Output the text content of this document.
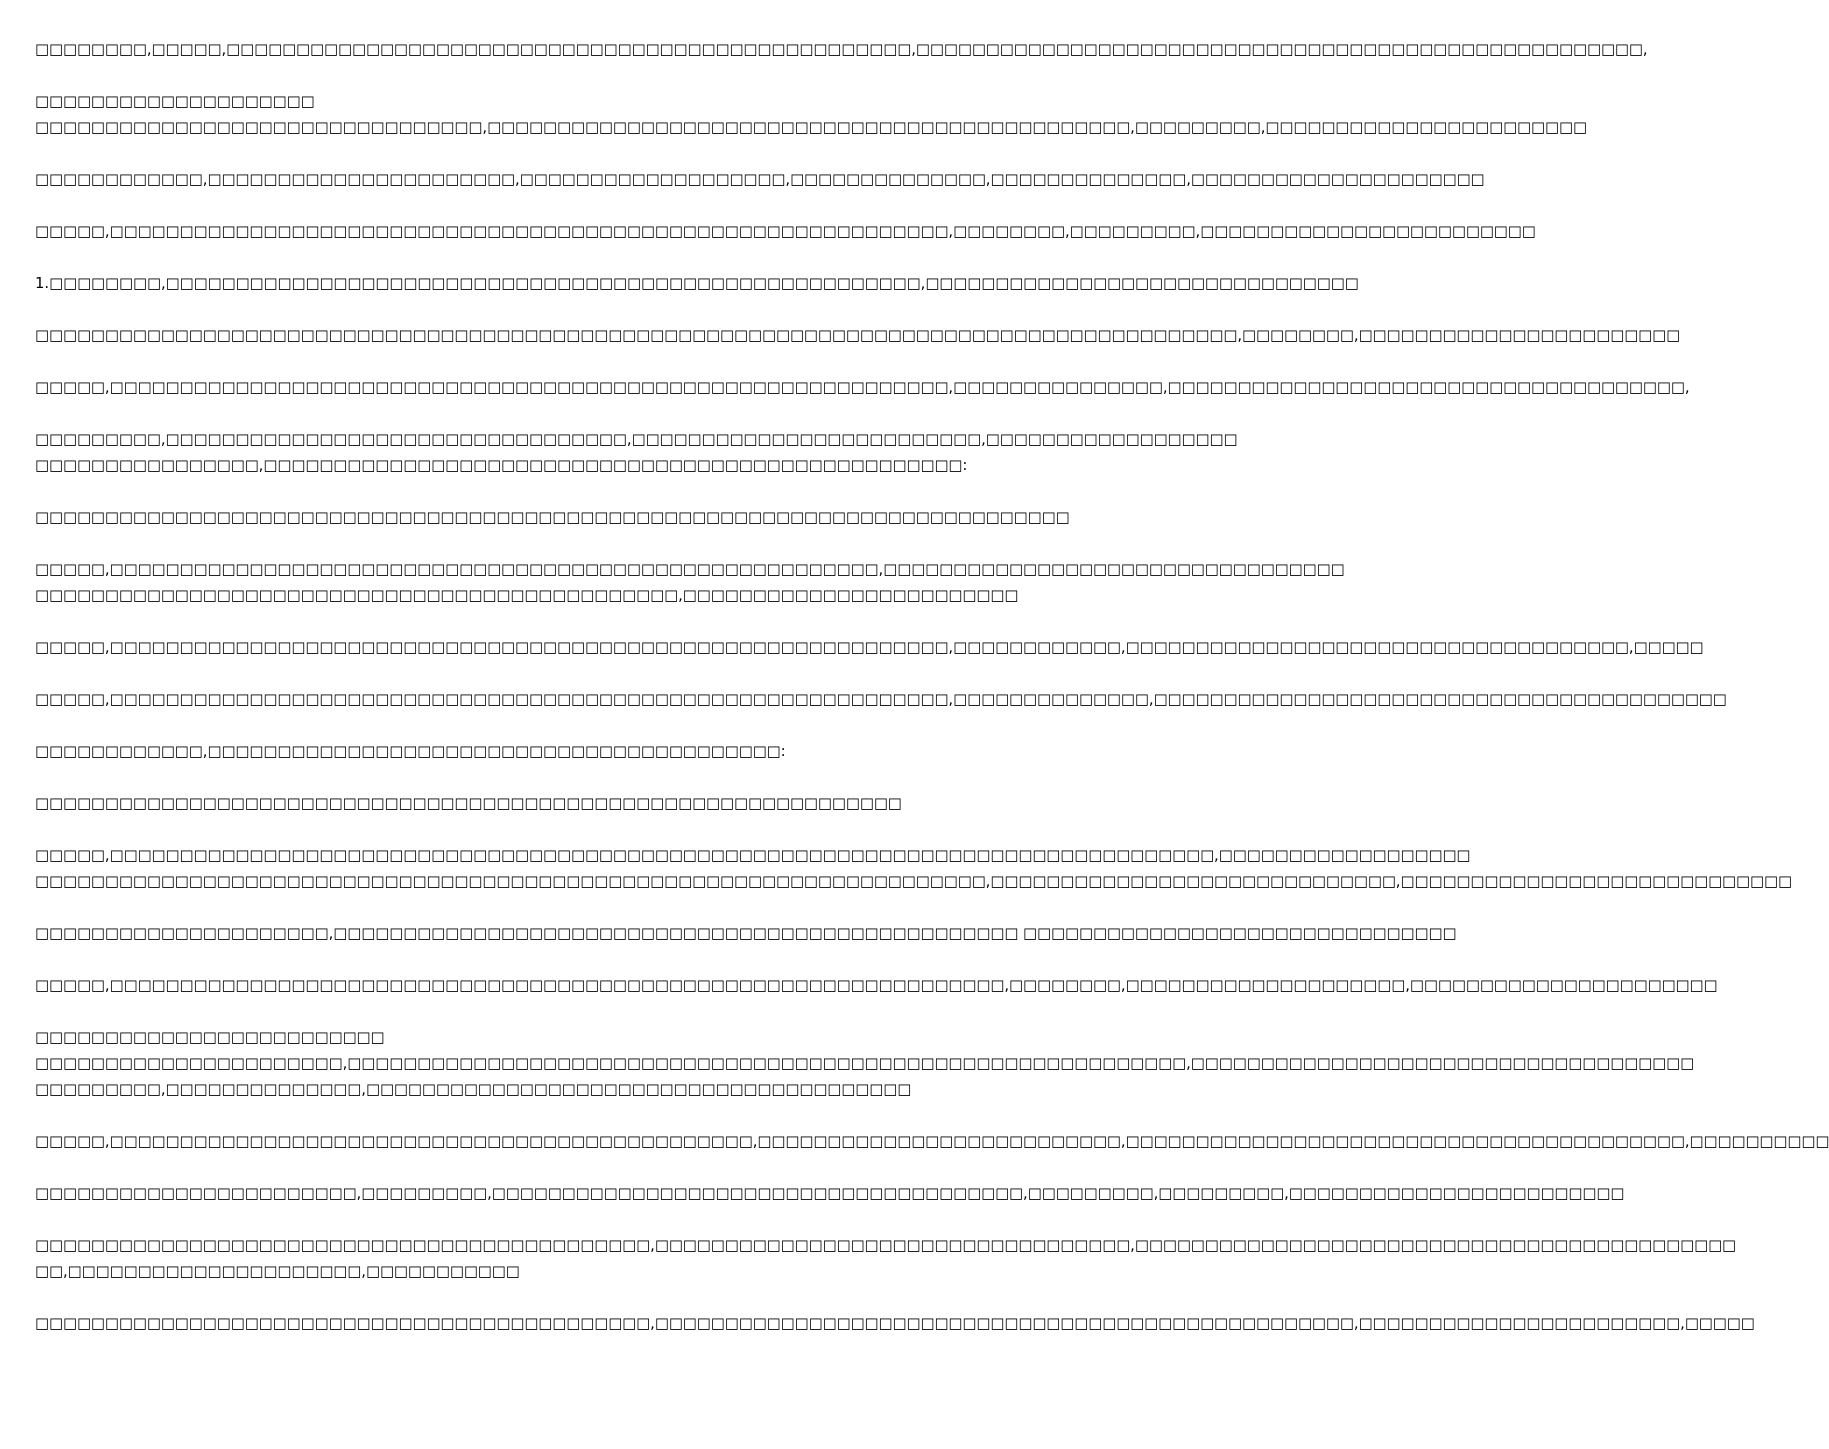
□□□□□□□□,□□□□□,□□□□□□□□□□□□□□□□□□□□□□□□□□□□□□□□□□□□□□□□□□□□□□□□□,□□□□□□□□□□□□□□□□□□□□□□□□□□□□□□□□□□□□□□□□□□□□□□□□□□□□,

□□□□□□□□□□□□□□□□□□□□
□□□□□□□□□□□□□□□□□□□□□□□□□□□□□□□□,□□□□□□□□□□□□□□□□□□□□□□□□□□□□□□□□□□□□□□□□□□□□□□,□□□□□□□□□,□□□□□□□□□□□□□□□□□□□□□□□

□□□□□□□□□□□□,□□□□□□□□□□□□□□□□□□□□□□,□□□□□□□□□□□□□□□□□□□,□□□□□□□□□□□□□□,□□□□□□□□□□□□□□,□□□□□□□□□□□□□□□□□□□□□

□□□□□,□□□□□□□□□□□□□□□□□□□□□□□□□□□□□□□□□□□□□□□□□□□□□□□□□□□□□□□□□□□□,□□□□□□□□,□□□□□□□□□,□□□□□□□□□□□□□□□□□□□□□□□□

1.□□□□□□□□,□□□□□□□□□□□□□□□□□□□□□□□□□□□□□□□□□□□□□□□□□□□□□□□□□□□□□□,□□□□□□□□□□□□□□□□□□□□□□□□□□□□□□□

□□□□□□□□□□□□□□□□□□□□□□□□□□□□□□□□□□□□□□□□□□□□□□□□□□□□□□□□□□□□□□□□□□□□□□□□□□□□□□□□□□□□□□,□□□□□□□□,□□□□□□□□□□□□□□□□□□□□□□□

□□□□□,□□□□□□□□□□□□□□□□□□□□□□□□□□□□□□□□□□□□□□□□□□□□□□□□□□□□□□□□□□□□,□□□□□□□□□□□□□□□,□□□□□□□□□□□□□□□□□□□□□□□□□□□□□□□□□□□□□,

□□□□□□□□□,□□□□□□□□□□□□□□□□□□□□□□□□□□□□□□□□□,□□□□□□□□□□□□□□□□□□□□□□□□□,□□□□□□□□□□□□□□□□□□
□□□□□□□□□□□□□□□□,□□□□□□□□□□□□□□□□□□□□□□□□□□□□□□□□□□□□□□□□□□□□□□□□□□:

□□□□□□□□□□□□□□□□□□□□□□□□□□□□□□□□□□□□□□□□□□□□□□□□□□□□□□□□□□□□□□□□□□□□□□□□□□

□□□□□,□□□□□□□□□□□□□□□□□□□□□□□□□□□□□□□□□□□□□□□□□□□□□□□□□□□□□□□,□□□□□□□□□□□□□□□□□□□□□□□□□□□□□□□□□
□□□□□□□□□□□□□□□□□□□□□□□□□□□□□□□□□□□□□□□□□□□□□□,□□□□□□□□□□□□□□□□□□□□□□□□

□□□□□,□□□□□□□□□□□□□□□□□□□□□□□□□□□□□□□□□□□□□□□□□□□□□□□□□□□□□□□□□□□□,□□□□□□□□□□□□,□□□□□□□□□□□□□□□□□□□□□□□□□□□□□□□□□□□□,□□□□□

□□□□□,□□□□□□□□□□□□□□□□□□□□□□□□□□□□□□□□□□□□□□□□□□□□□□□□□□□□□□□□□□□□,□□□□□□□□□□□□□□,□□□□□□□□□□□□□□□□□□□□□□□□□□□□□□□□□□□□□□□□□

□□□□□□□□□□□□,□□□□□□□□□□□□□□□□□□□□□□□□□□□□□□□□□□□□□□□□□:

□□□□□□□□□□□□□□□□□□□□□□□□□□□□□□□□□□□□□□□□□□□□□□□□□□□□□□□□□□□□□□

□□□□□,□□□□□□□□□□□□□□□□□□□□□□□□□□□□□□□□□□□□□□□□□□□□□□□□□□□□□□□□□□□□□□□□□□□□□□□□□□□□□□□,□□□□□□□□□□□□□□□□□□
□□□□□□□□□□□□□□□□□□□□□□□□□□□□□□□□□□□□□□□□□□□□□□□□□□□□□□□□□□□□□□□□□□□□,□□□□□□□□□□□□□□□□□□□□□□□□□□□□□,□□□□□□□□□□□□□□□□□□□□□□□□□□□□

□□□□□□□□□□□□□□□□□□□□□,□□□□□□□□□□□□□□□□□□□□□□□□□□□□□□□□□□□□□□□□□□□□□□□□□ □□□□□□□□□□□□□□□□□□□□□□□□□□□□□□□

□□□□□,□□□□□□□□□□□□□□□□□□□□□□□□□□□□□□□□□□□□□□□□□□□□□□□□□□□□□□□□□□□□□□□□,□□□□□□□□,□□□□□□□□□□□□□□□□□□□□,□□□□□□□□□□□□□□□□□□□□□□

□□□□□□□□□□□□□□□□□□□□□□□□□
□□□□□□□□□□□□□□□□□□□□□□,□□□□□□□□□□□□□□□□□□□□□□□□□□□□□□□□□□□□□□□□□□□□□□□□□□□□□□□□□□□□,□□□□□□□□□□□□□□□□□□□□□□□□□□□□□□□□□□□□
□□□□□□□□□,□□□□□□□□□□□□□□,□□□□□□□□□□□□□□□□□□□□□□□□□□□□□□□□□□□□□□□

□□□□□,□□□□□□□□□□□□□□□□□□□□□□□□□□□□□□□□□□□□□□□□□□□□□□,□□□□□□□□□□□□□□□□□□□□□□□□□□,□□□□□□□□□□□□□□□□□□□□□□□□□□□□□□□□□□□□□□□□,□□□□□□□□□□

□□□□□□□□□□□□□□□□□□□□□□□,□□□□□□□□□,□□□□□□□□□□□□□□□□□□□□□□□□□□□□□□□□□□□□□□,□□□□□□□□□,□□□□□□□□□,□□□□□□□□□□□□□□□□□□□□□□□□

□□□□□□□□□□□□□□□□□□□□□□□□□□□□□□□□□□□□□□□□□□□□,□□□□□□□□□□□□□□□□□□□□□□□□□□□□□□□□□□,□□□□□□□□□□□□□□□□□□□□□□□□□□□□□□□□□□□□□□□□□□□
□□,□□□□□□□□□□□□□□□□□□□□□,□□□□□□□□□□□

□□□□□□□□□□□□□□□□□□□□□□□□□□□□□□□□□□□□□□□□□□□□,□□□□□□□□□□□□□□□□□□□□□□□□□□□□□□□□□□□□□□□□□□□□□□□□□□,□□□□□□□□□□□□□□□□□□□□□□□,□□□□□
